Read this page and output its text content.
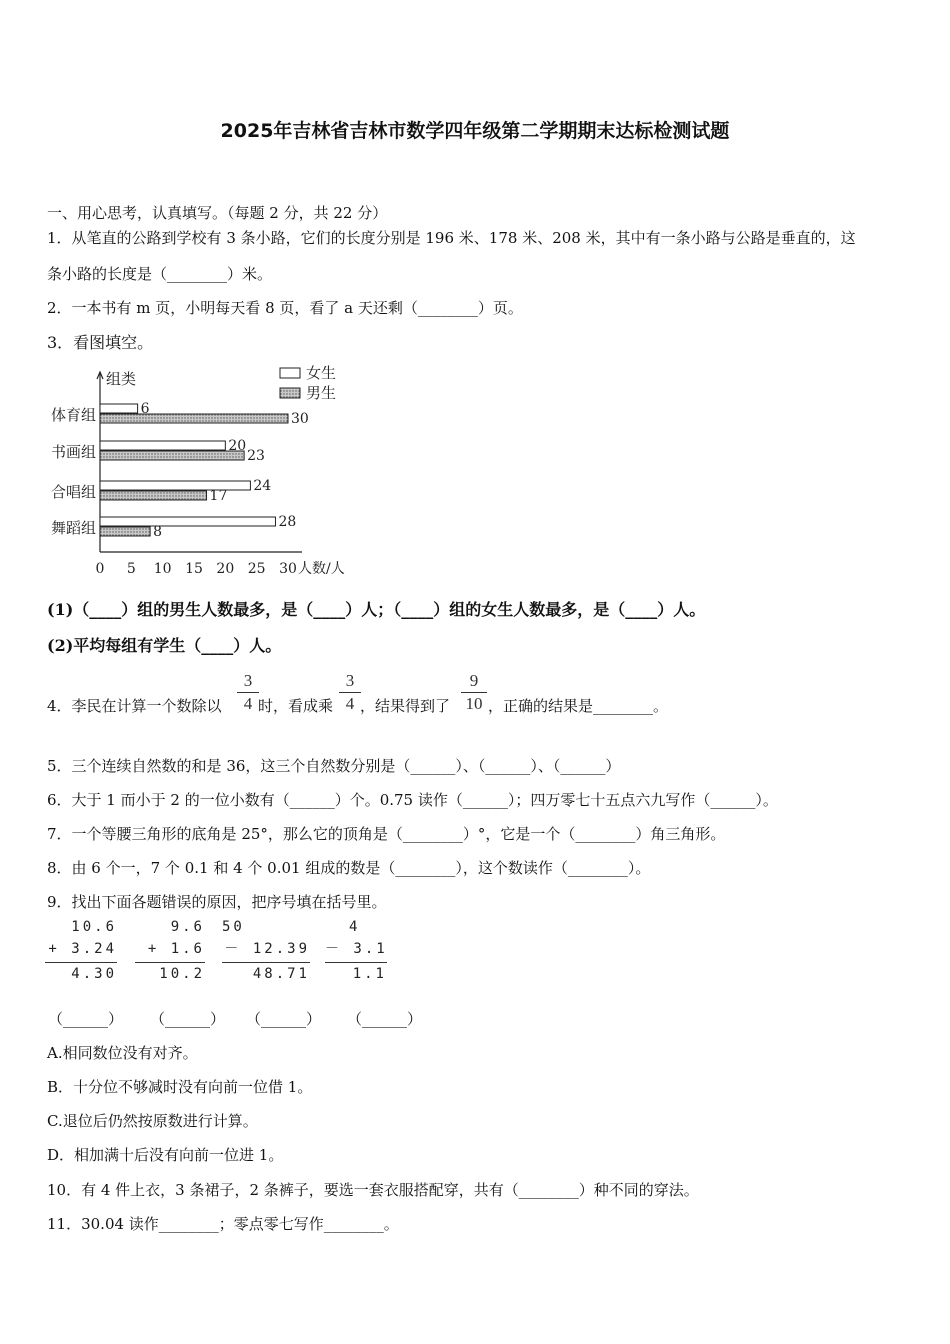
2025年吉林省吉林市数学四年级第二学期期末达标检测试题
一、用心思考，认真填写。（每题 2 分，共 22 分）
1．从笔直的公路到学校有 3 条小路，它们的长度分别是 196 米、178 米、208 米，其中有一条小路与公路是垂直的，这
条小路的长度是（________）米。
2．一本书有 m 页，小明每天看 8 页，看了 a 天还剩（________）页。
3．看图填空。
组类
0 5 10 15 20 25 30 人数/人
女生
男生
体育组	6
30
书画组	20
23
合唱组	24
17
舞蹈组	28
8
(1)（____）组的男生人数最多，是（____）人；（____）组的女生人数最多，是（____）人。
(2)平均每组有学生（____）人。
4．李民在计算一个数除以
3
4 时，看成乘
3
4 ，结果得到了
9
10 ，正确的结果是________。
5．三个连续自然数的和是 36，这三个自然数分别是（______）、（______）、（______）
6．大于 1 而小于 2 的一位小数有（______）个。0.75 读作（______）；四万零七十五点六九写作（______）。
7．一个等腰三角形的底角是 25°，那么它的顶角是（________）°，它是一个（________）角三角形。
8．由 6 个一，7 个 0.1 和 4 个 0.01 组成的数是（________），这个数读作（________）。
9．找出下面各题错误的原因，把序号填在括号里。
10.6
+ 3.24
4.30
9.6
+ 1.6
10.2
50
－ 12.39
48.71
4
－ 3.1
1.1
（______） （______） （______） （______）
A.相同数位没有对齐。
B．十分位不够减时没有向前一位借 1。
C.退位后仍然按原数进行计算。
D．相加满十后没有向前一位进 1。
10．有 4 件上衣，3 条裙子，2 条裤子，要选一套衣服搭配穿，共有（________）种不同的穿法。
11．30.04 读作________；零点零七写作________。
